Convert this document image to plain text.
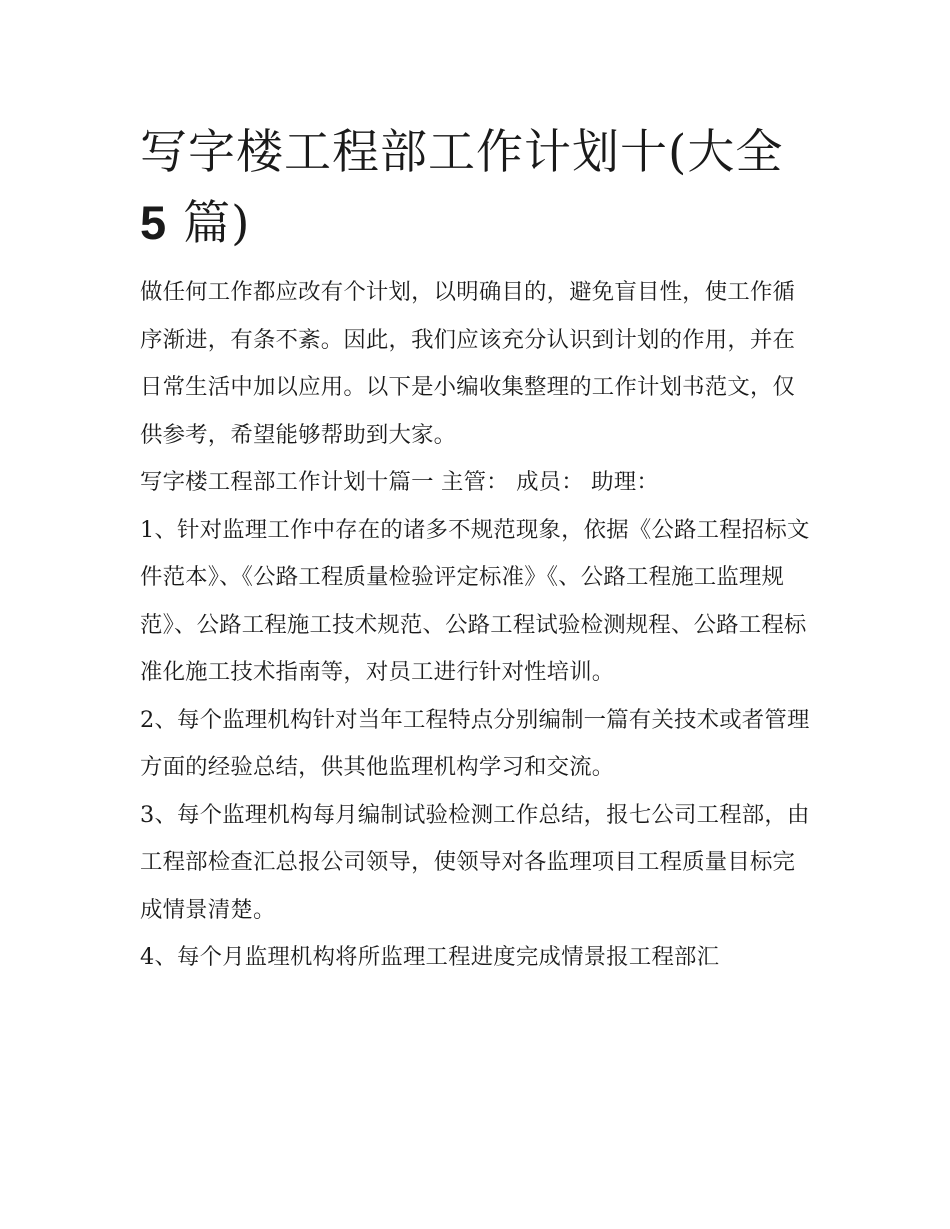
写字楼工程部工作计划十(大全
5 篇)

做任何工作都应改有个计划，以明确目的，避免盲目性，使工作循序渐进，有条不紊。因此，我们应该充分认识到计划的作用，并在日常生活中加以应用。以下是小编收集整理的工作计划书范文，仅供参考，希望能够帮助到大家。

写字楼工程部工作计划十篇一 主管： 成员： 助理：

1、针对监理工作中存在的诸多不规范现象，依据《公路工程招标文件范本》、《公路工程质量检验评定标准》《、公路工程施工监理规范》、公路工程施工技术规范、公路工程试验检测规程、公路工程标准化施工技术指南等，对员工进行针对性培训。

2、每个监理机构针对当年工程特点分别编制一篇有关技术或者管理方面的经验总结，供其他监理机构学习和交流。

3、每个监理机构每月编制试验检测工作总结，报七公司工程部，由工程部检查汇总报公司领导，使领导对各监理项目工程质量目标完成情景清楚。

4、每个月监理机构将所监理工程进度完成情景报工程部汇
